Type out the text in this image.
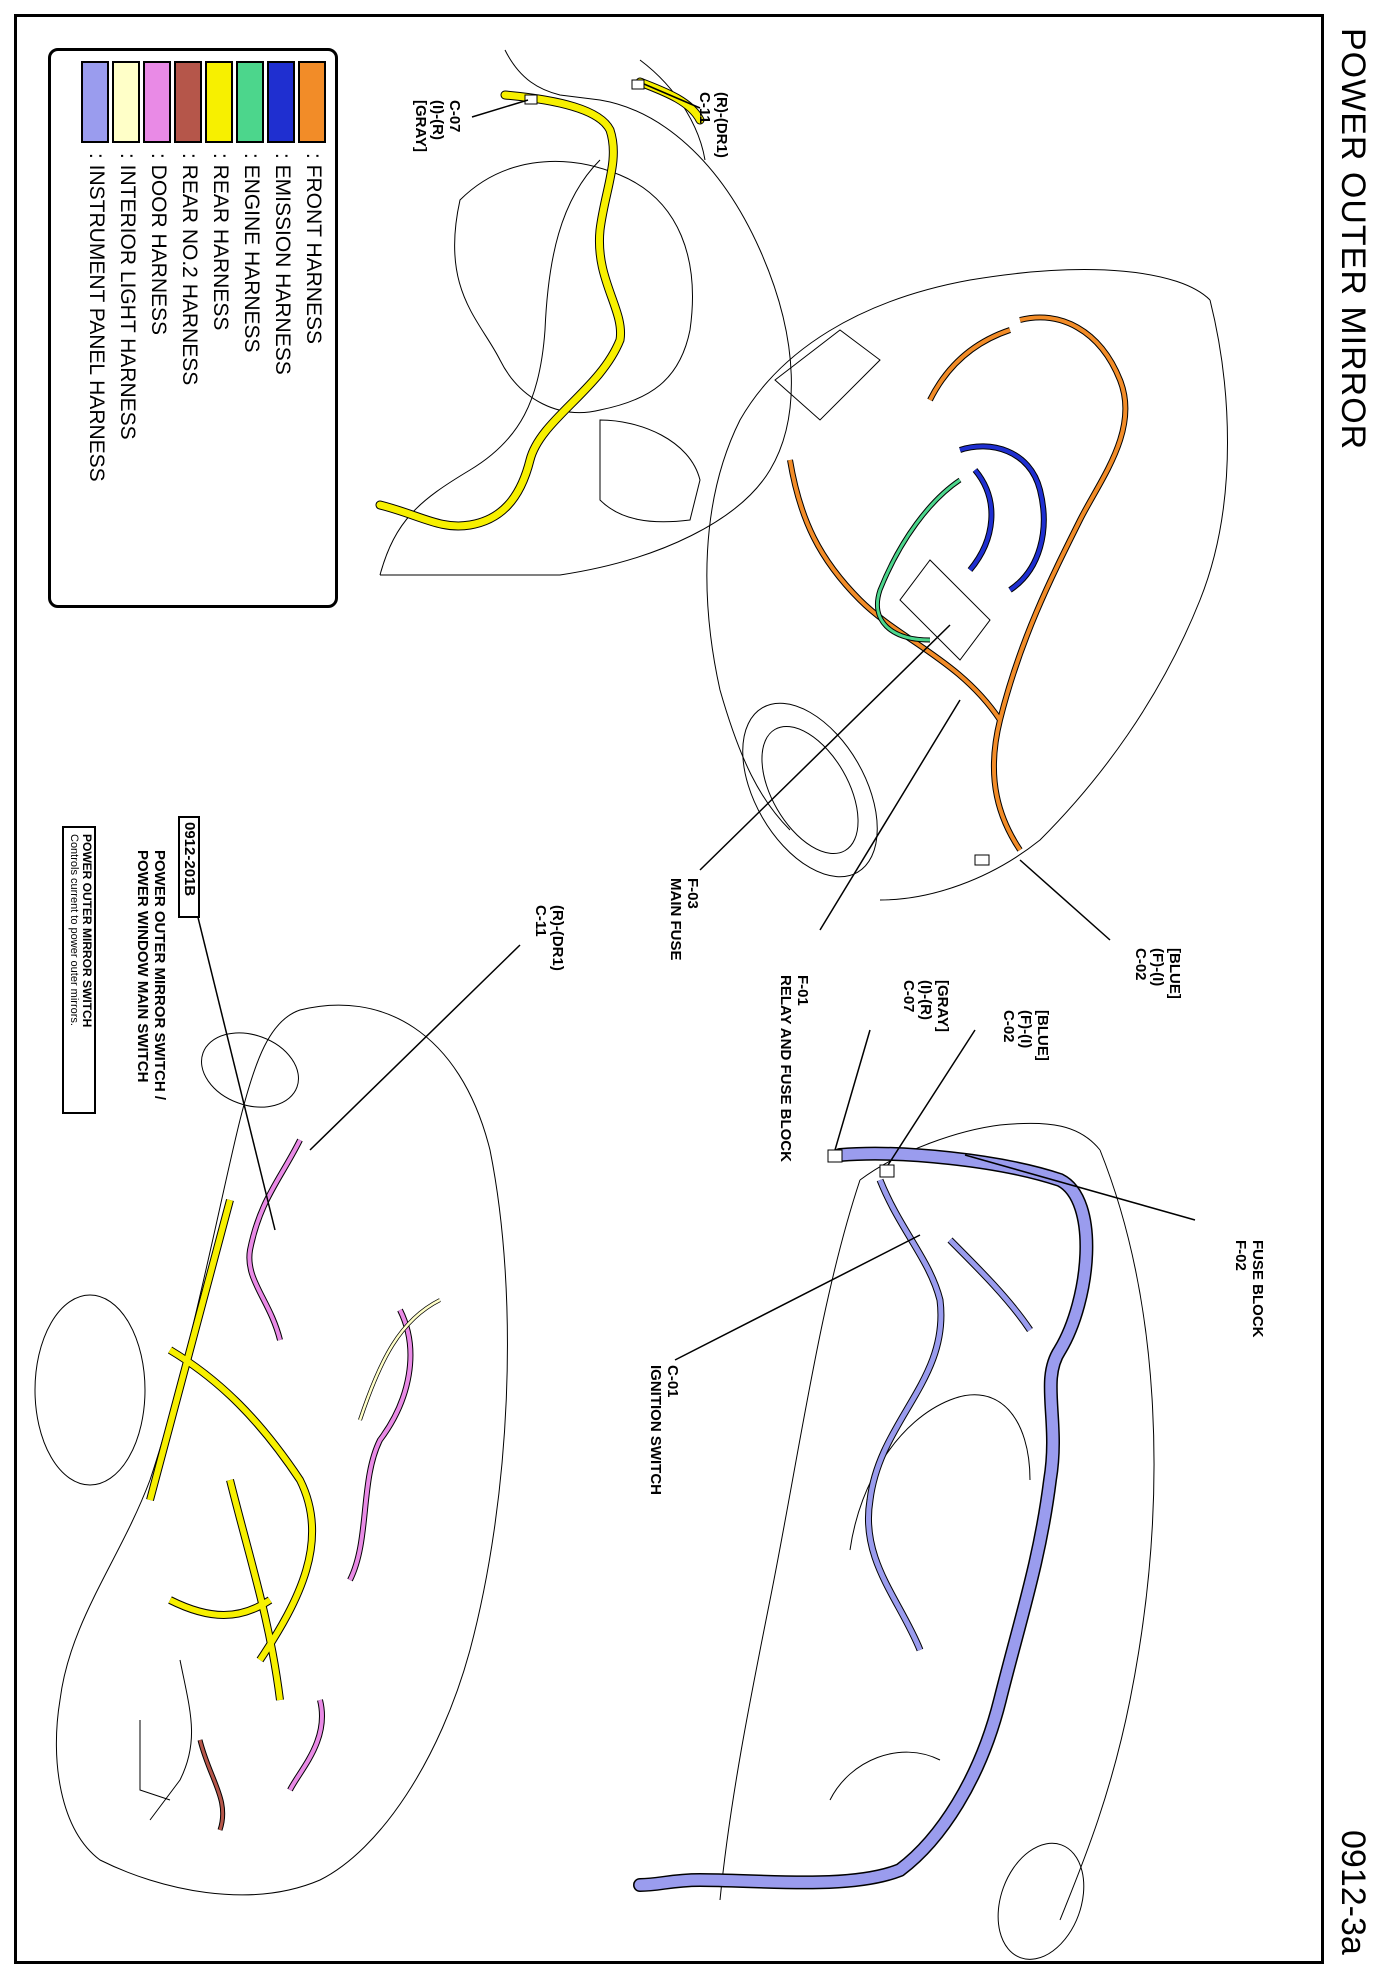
POWER OUTER MIRROR
0912-3a
: FRONT HARNESS
: EMISSION HARNESS
: ENGINE HARNESS
: REAR HARNESS
: REAR NO.2 HARNESS
: DOOR HARNESS
: INTERIOR LIGHT HARNESS
: INSTRUMENT PANEL HARNESS
C-07
(I)-(R)
[GRAY]	(R)-(DR1)
C-11
[BLUE]
(F)-(I)
C-02
F-03
MAIN FUSE
F-01
RELAY AND FUSE BLOCK	[BLUE]
(F)-(I)
C-02
[GRAY]
(I)-(R)
C-07
FUSE BLOCK
F-02
C-01
IGNITION SWITCH
(R)-(DR1)
C-11
POWER OUTER MIRROR SWITCH /
POWER WINDOW MAIN SWITCH 0912-201B
POWER OUTER MIRROR SWITCH
Controls current to power outer mirrors.
